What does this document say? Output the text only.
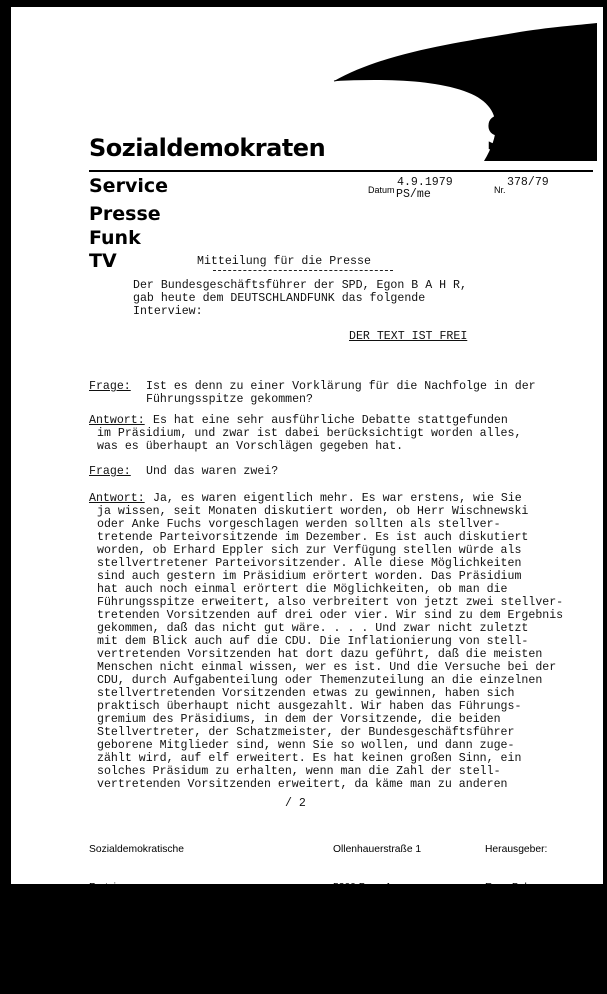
SPD
Sozialdemokraten
Service
Presse
Funk
TV
Datum
4.9.1979
PS/me	Nr.
378/79
Mitteilung für die Presse
Der Bundesgeschäftsführer der SPD, Egon B A H R,
gab heute dem DEUTSCHLANDFUNK das folgende
Interview:
DER TEXT IST FREI
Frage: Ist es denn zu einer Vorklärung für die Nachfolge in der
Führungsspitze gekommen?
Antwort: Es hat eine sehr ausführliche Debatte stattgefunden
im Präsidium, und zwar ist dabei berücksichtigt worden alles,
was es überhaupt an Vorschlägen gegeben hat.
Frage: Und das waren zwei?
Antwort: Ja, es waren eigentlich mehr. Es war erstens, wie Sie
ja wissen, seit Monaten diskutiert worden, ob Herr Wischnewski
oder Anke Fuchs vorgeschlagen werden sollten als stellver-
tretende Parteivorsitzende im Dezember. Es ist auch diskutiert
worden, ob Erhard Eppler sich zur Verfügung stellen würde als
stellvertretener Parteivorsitzender. Alle diese Möglichkeiten
sind auch gestern im Präsidium erörtert worden. Das Präsidium
hat auch noch einmal erörtert die Möglichkeiten, ob man die
Führungsspitze erweitert, also verbreitert von jetzt zwei stellver-
tretenden Vorsitzenden auf drei oder vier. Wir sind zu dem Ergebnis
gekommen, daß das nicht gut wäre. . . . Und zwar nicht zuletzt
mit dem Blick auch auf die CDU. Die Inflationierung von stell-
vertretenden Vorsitzenden hat dort dazu geführt, daß die meisten
Menschen nicht einmal wissen, wer es ist. Und die Versuche bei der
CDU, durch Aufgabenteilung oder Themenzuteilung an die einzelnen
stellvertretenden Vorsitzenden etwas zu gewinnen, haben sich
praktisch überhaupt nicht ausgezahlt. Wir haben das Führungs-
gremium des Präsidiums, in dem der Vorsitzende, die beiden
Stellvertreter, der Schatzmeister, der Bundesgeschäftsführer
geborene Mitglieder sind, wenn Sie so wollen, und dann zuge-
zählt wird, auf elf erweitert. Es hat keinen großen Sinn, ein
solches Präsidum zu erhalten, wenn man die Zahl der stell-
vertretenden Vorsitzenden erweitert, da käme man zu anderen
/ 2

Sozialdemokratische

Partei

Deutschlands

Der Parteivorstand

Ollenhauerstraße 1

5300 Bonn 1

Telefon (0 22 21) 532-300

Telex 08 86 306

Herausgeber:

Egon Bahr

Redaktion:

Lothar Schwartz
